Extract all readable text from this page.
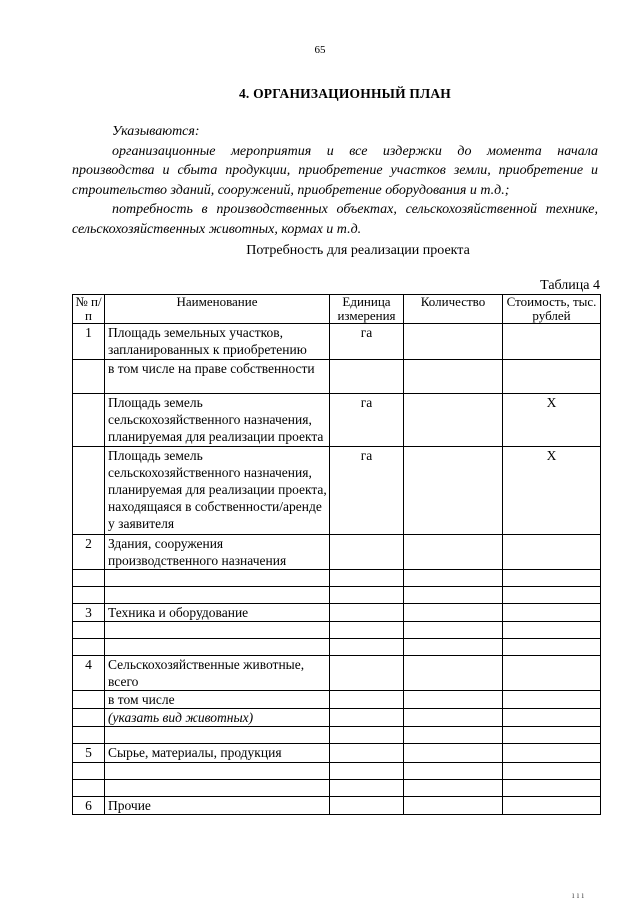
65
4. ОРГАНИЗАЦИОННЫЙ ПЛАН

Указываются:

организационные мероприятия и все издержки до момента начала производства и сбыта продукции, приобретение участков земли, приобретение и строительство зданий, сооружений, приобретение оборудования и т.д.;

потребность в производственных объектах, сельскохозяйственной технике, сельскохозяйственных животных, кормах и т.д.

Потребность для реализации проекта
Таблица 4
№ п/п	Наименование	Единица измерения	Количество	Стоимость, тыс. рублей
1	Площадь земельных участков, запланированных к приобретению	га		
	в том числе на праве собственности			
	Площадь земель сельскохозяйственного назначения, планируемая для реализации проекта	га		Х
	Площадь земель сельскохозяйственного назначения, планируемая для реализации проекта, находящаяся в собственности/аренде у заявителя	га		Х
2	Здания, сооружения производственного назначения			

3	Техника и оборудование			

4	Сельскохозяйственные животные, всего			
	в том числе			
	(указать вид животных)			

5	Сырье, материалы, продукция			

6	Прочие			
ı ı ı
